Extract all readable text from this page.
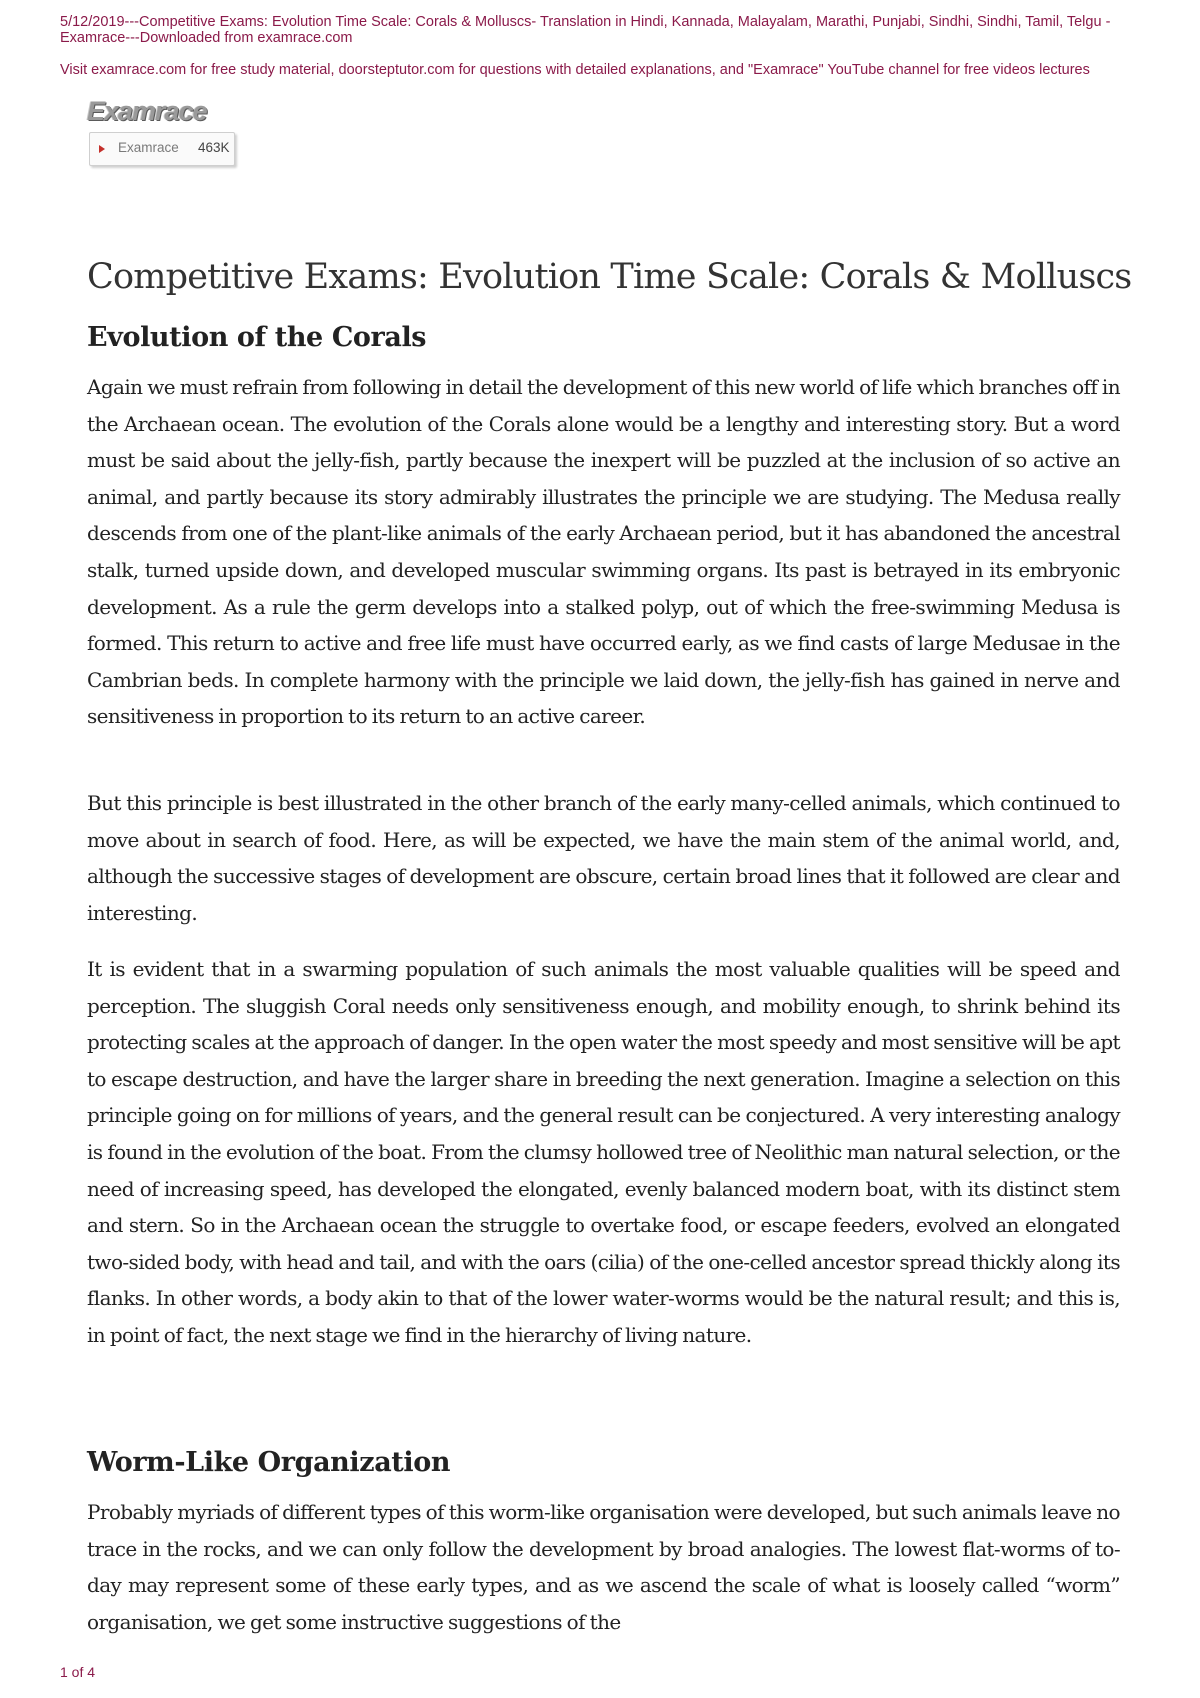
5/12/2019---Competitive Exams: Evolution Time Scale: Corals & Molluscs- Translation in Hindi, Kannada, Malayalam, Marathi, Punjabi, Sindhi, Sindhi, Tamil, Telgu - Examrace---Downloaded from examrace.com
Visit examrace.com for free study material, doorsteptutor.com for questions with detailed explanations, and "Examrace" YouTube channel for free videos lectures
Examrace
Examrace 463K
Competitive Exams: Evolution Time Scale: Corals & Molluscs
Evolution of the Corals

Again we must refrain from following in detail the development of this new world of life which branches off in the Archaean ocean. The evolution of the Corals alone would be a lengthy and interesting story. But a word must be said about the jelly-fish, partly because the inexpert will be puzzled at the inclusion of so active an animal, and partly because its story admirably illustrates the principle we are studying. The Medusa really descends from one of the plant-like animals of the early Archaean period, but it has abandoned the ancestral stalk, turned upside down, and developed muscular swimming organs. Its past is betrayed in its embryonic development. As a rule the germ develops into a stalked polyp, out of which the free-swimming Medusa is formed. This return to active and free life must have occurred early, as we find casts of large Medusae in the Cambrian beds. In complete harmony with the principle we laid down, the jelly-fish has gained in nerve and sensitiveness in proportion to its return to an active career.

But this principle is best illustrated in the other branch of the early many-celled animals, which continued to move about in search of food. Here, as will be expected, we have the main stem of the animal world, and, although the successive stages of development are obscure, certain broad lines that it followed are clear and interesting.

It is evident that in a swarming population of such animals the most valuable qualities will be speed and perception. The sluggish Coral needs only sensitiveness enough, and mobility enough, to shrink behind its protecting scales at the approach of danger. In the open water the most speedy and most sensitive will be apt to escape destruction, and have the larger share in breeding the next generation. Imagine a selection on this principle going on for millions of years, and the general result can be conjectured. A very interesting analogy is found in the evolution of the boat. From the clumsy hollowed tree of Neolithic man natural selection, or the need of increasing speed, has developed the elongated, evenly balanced modern boat, with its distinct stem and stern. So in the Archaean ocean the struggle to overtake food, or escape feeders, evolved an elongated two-sided body, with head and tail, and with the oars (cilia) of the one-celled ancestor spread thickly along its flanks. In other words, a body akin to that of the lower water-worms would be the natural result; and this is, in point of fact, the next stage we find in the hierarchy of living nature.

Worm-Like Organization

Probably myriads of different types of this worm-like organisation were developed, but such animals leave no trace in the rocks, and we can only follow the development by broad analogies. The lowest flat-worms of to-day may represent some of these early types, and as we ascend the scale of what is loosely called “worm” organisation, we get some instructive suggestions of the

1 of 4
